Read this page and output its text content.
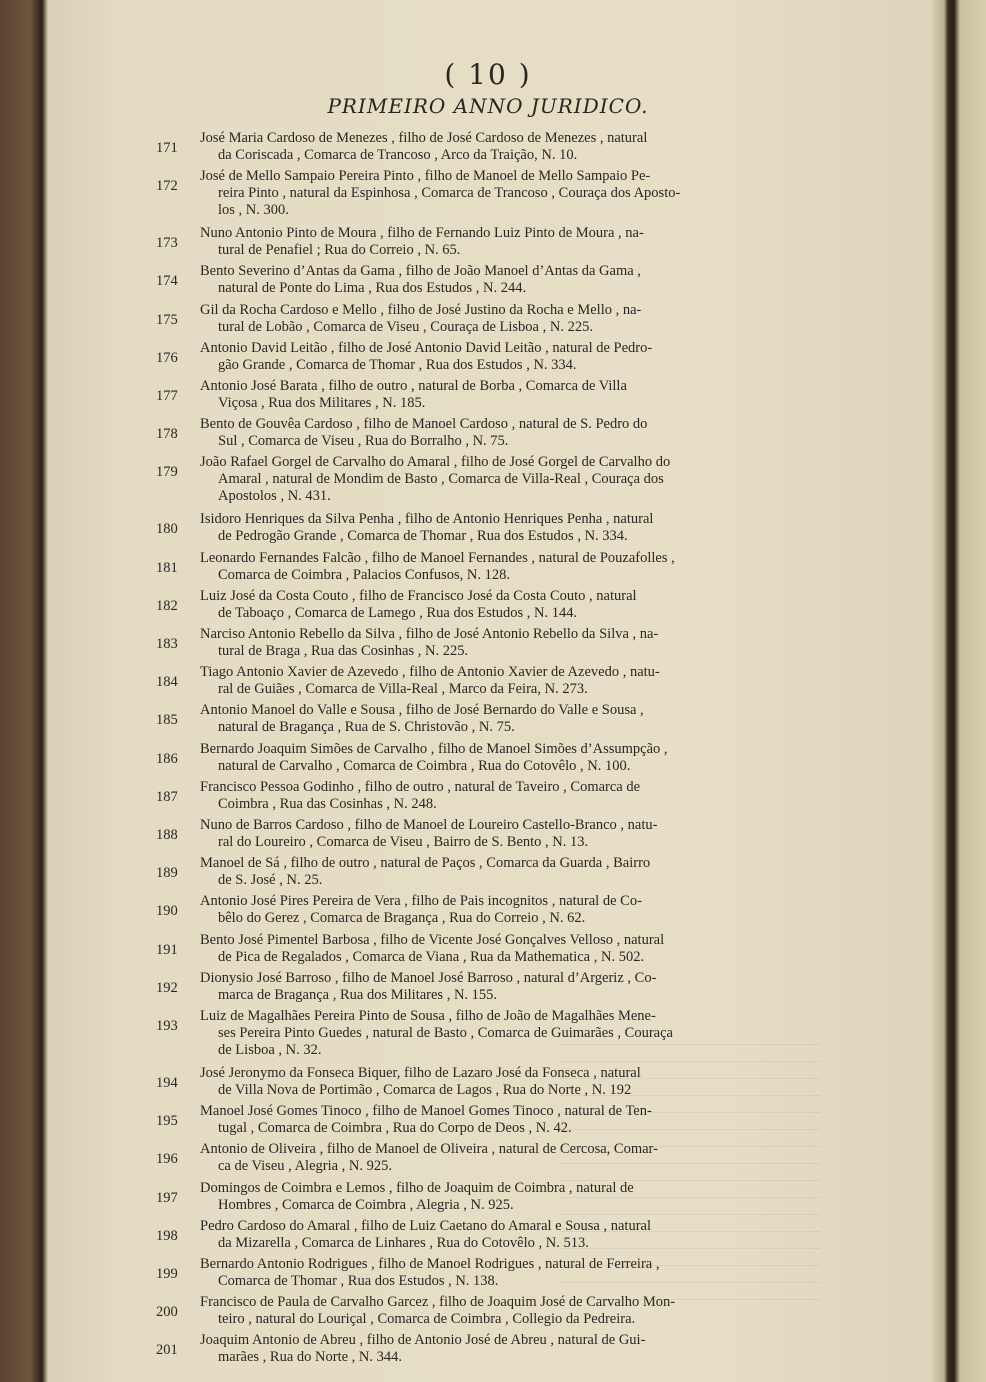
( 10 )
PRIMEIRO ANNO JURIDICO.
171
José Maria Cardoso de Menezes , filho de José Cardoso de Menezes , natural
da Coriscada , Comarca de Trancoso , Arco da Traição, N. 10.
172
José de Mello Sampaio Pereira Pinto , filho de Manoel de Mello Sampaio Pe-
reira Pinto , natural da Espinhosa , Comarca de Trancoso , Couraça dos Aposto-
los , N. 300.
173
Nuno Antonio Pinto de Moura , filho de Fernando Luiz Pinto de Moura , na-
tural de Penafiel ; Rua do Correio , N. 65.
174
Bento Severino d’Antas da Gama , filho de João Manoel d’Antas da Gama ,
natural de Ponte do Lima , Rua dos Estudos , N. 244.
175
Gil da Rocha Cardoso e Mello , filho de José Justino da Rocha e Mello , na-
tural de Lobão , Comarca de Viseu , Couraça de Lisboa , N. 225.
176
Antonio David Leitão , filho de José Antonio David Leitão , natural de Pedro-
gão Grande , Comarca de Thomar , Rua dos Estudos , N. 334.
177
Antonio José Barata , filho de outro , natural de Borba , Comarca de Villa
Viçosa , Rua dos Militares , N. 185.
178
Bento de Gouvêa Cardoso , filho de Manoel Cardoso , natural de S. Pedro do
Sul , Comarca de Viseu , Rua do Borralho , N. 75.
179
João Rafael Gorgel de Carvalho do Amaral , filho de José Gorgel de Carvalho do
Amaral , natural de Mondim de Basto , Comarca de Villa-Real , Couraça dos
Apostolos , N. 431.
180
Isidoro Henriques da Silva Penha , filho de Antonio Henriques Penha , natural
de Pedrogão Grande , Comarca de Thomar , Rua dos Estudos , N. 334.
181
Leonardo Fernandes Falcão , filho de Manoel Fernandes , natural de Pouzafolles ,
Comarca de Coimbra , Palacios Confusos, N. 128.
182
Luiz José da Costa Couto , filho de Francisco José da Costa Couto , natural
de Taboaço , Comarca de Lamego , Rua dos Estudos , N. 144.
183
Narciso Antonio Rebello da Silva , filho de José Antonio Rebello da Silva , na-
tural de Braga , Rua das Cosinhas , N. 225.
184
Tiago Antonio Xavier de Azevedo , filho de Antonio Xavier de Azevedo , natu-
ral de Guiães , Comarca de Villa-Real , Marco da Feira, N. 273.
185
Antonio Manoel do Valle e Sousa , filho de José Bernardo do Valle e Sousa ,
natural de Bragança , Rua de S. Christovão , N. 75.
186
Bernardo Joaquim Simões de Carvalho , filho de Manoel Simões d’Assumpção ,
natural de Carvalho , Comarca de Coimbra , Rua do Cotovêlo , N. 100.
187
Francisco Pessoa Godinho , filho de outro , natural de Taveiro , Comarca de
Coimbra , Rua das Cosinhas , N. 248.
188
Nuno de Barros Cardoso , filho de Manoel de Loureiro Castello-Branco , natu-
ral do Loureiro , Comarca de Viseu , Bairro de S. Bento , N. 13.
189
Manoel de Sá , filho de outro , natural de Paços , Comarca da Guarda , Bairro
de S. José , N. 25.
190
Antonio José Pires Pereira de Vera , filho de Pais incognitos , natural de Co-
bêlo do Gerez , Comarca de Bragança , Rua do Correio , N. 62.
191
Bento José Pimentel Barbosa , filho de Vicente José Gonçalves Velloso , natural
de Pica de Regalados , Comarca de Viana , Rua da Mathematica , N. 502.
192
Dionysio José Barroso , filho de Manoel José Barroso , natural d’Argeriz , Co-
marca de Bragança , Rua dos Militares , N. 155.
193
Luiz de Magalhães Pereira Pinto de Sousa , filho de João de Magalhães Mene-
ses Pereira Pinto Guedes , natural de Basto , Comarca de Guimarães , Couraça
de Lisboa , N. 32.
194
José Jeronymo da Fonseca Biquer, filho de Lazaro José da Fonseca , natural
de Villa Nova de Portimão , Comarca de Lagos , Rua do Norte , N. 192
195
Manoel José Gomes Tinoco , filho de Manoel Gomes Tinoco , natural de Ten-
tugal , Comarca de Coimbra , Rua do Corpo de Deos , N. 42.
196
Antonio de Oliveira , filho de Manoel de Oliveira , natural de Cercosa, Comar-
ca de Viseu , Alegria , N. 925.
197
Domingos de Coimbra e Lemos , filho de Joaquim de Coimbra , natural de
Hombres , Comarca de Coimbra , Alegria , N. 925.
198
Pedro Cardoso do Amaral , filho de Luiz Caetano do Amaral e Sousa , natural
da Mizarella , Comarca de Linhares , Rua do Cotovêlo , N. 513.
199
Bernardo Antonio Rodrigues , filho de Manoel Rodrigues , natural de Ferreira ,
Comarca de Thomar , Rua dos Estudos , N. 138.
200
Francisco de Paula de Carvalho Garcez , filho de Joaquim José de Carvalho Mon-
teiro , natural do Louriçal , Comarca de Coimbra , Collegio da Pedreira.
201
Joaquim Antonio de Abreu , filho de Antonio José de Abreu , natural de Gui-
marães , Rua do Norte , N. 344.
